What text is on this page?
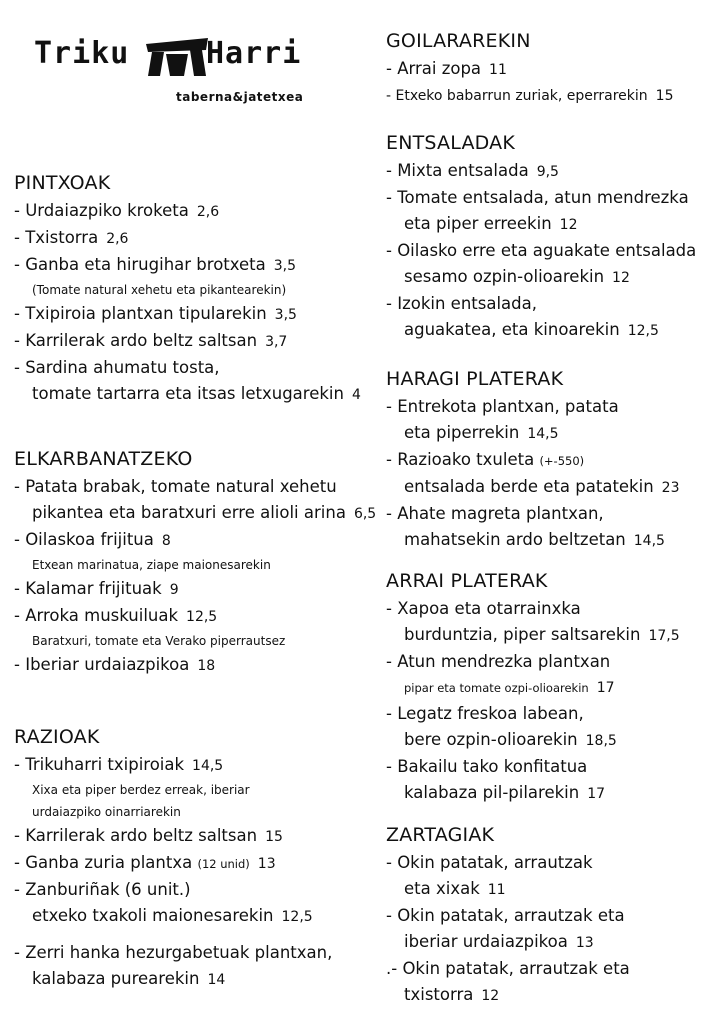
Triku	Harri
taberna&jatetxea
PINTXOAK
- Urdaiazpiko kroketa 2,6
- Txistorra 2,6
- Ganba eta hirugihar brotxeta 3,5
(Tomate natural xehetu eta pikantearekin)
- Txipiroia plantxan tipularekin 3,5
- Karrilerak ardo beltz saltsan 3,7
- Sardina ahumatu tosta,

tomate tartarra eta itsas letxugarekin 4
ELKARBANATZEKO
- Patata brabak, tomate natural xehetu

pikantea eta baratxuri erre alioli arina 6,5
- Oilaskoa frijitua 8
Etxean marinatua, ziape maionesarekin
- Kalamar frijituak 9
- Arroka muskuiluak 12,5
Baratxuri, tomate eta Verako piperrautsez
- Iberiar urdaiazpikoa 18
RAZIOAK
- Trikuharri txipiroiak 14,5
Xixa eta piper berdez erreak, iberiar
urdaiazpiko oinarriarekin
- Karrilerak ardo beltz saltsan 15
- Ganba zuria plantxa (12 unid) 13
- Zanburiñak (6 unit.)

etxeko txakoli maionesarekin 12,5
- Zerri hanka hezurgabetuak plantxan,

kalabaza purearekin 14
GOILARAREKIN
- Arrai zopa 11
- Etxeko babarrun zuriak, eperrarekin 15
ENTSALADAK
- Mixta entsalada 9,5
- Tomate entsalada, atun mendrezka

eta piper erreekin 12
- Oilasko erre eta aguakate entsalada

sesamo ozpin-olioarekin 12
- Izokin entsalada,

aguakatea, eta kinoarekin 12,5
HARAGI PLATERAK
- Entrekota plantxan, patata

eta piperrekin 14,5
- Razioako txuleta (+-550)

entsalada berde eta patatekin 23
- Ahate magreta plantxan,

mahatsekin ardo beltzetan 14,5
ARRAI PLATERAK
- Xapoa eta otarrainxka

burduntzia, piper saltsarekin 17,5
- Atun mendrezka plantxan

pipar eta tomate ozpi-olioarekin 17
- Legatz freskoa labean,

bere ozpin-olioarekin 18,5
- Bakailu tako konfitatua

kalabaza pil-pilarekin 17
ZARTAGIAK
- Okin patatak, arrautzak

eta xixak 11
- Okin patatak, arrautzak eta

iberiar urdaiazpikoa 13
.- Okin patatak, arrautzak eta

txistorra 12
